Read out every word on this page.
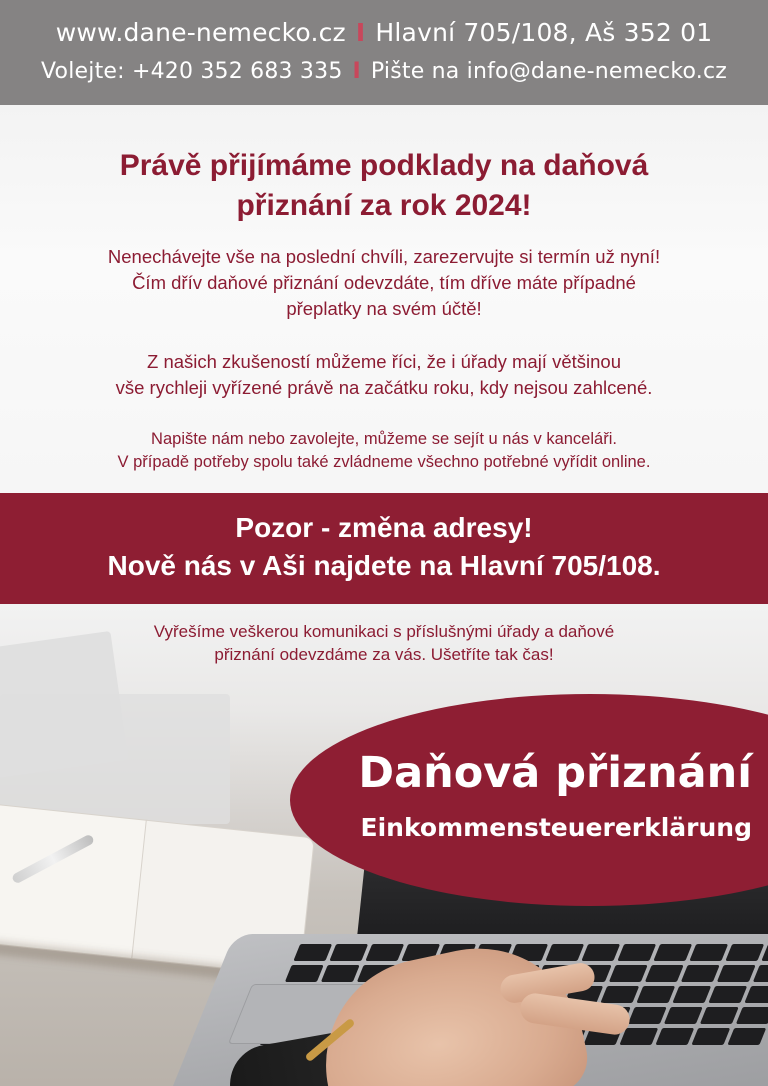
www.dane-nemecko.cz I Hlavní 705/108, Aš 352 01
Volejte: +420 352 683 335 I Pište na info@dane-nemecko.cz
Právě přijímáme podklady na daňová
přiznání za rok 2024!
Nenechávejte vše na poslední chvíli, zarezervujte si termín už nyní!
Čím dřív daňové přiznání odevzdáte, tím dříve máte případné
přeplatky na svém účtě!
Z našich zkušeností můžeme říci, že i úřady mají většinou
vše rychleji vyřízené právě na začátku roku, kdy nejsou zahlcené.
Napište nám nebo zavolejte, můžeme se sejít u nás v kanceláři.
V případě potřeby spolu také zvládneme všechno potřebné vyřídit online.
Pozor - změna adresy!
Nově nás v Aši najdete na Hlavní 705/108.
Vyřešíme veškerou komunikaci s příslušnými úřady a daňové
přiznání odevzdáme za vás. Ušetříte tak čas!
Daňová přiznání
Einkommensteuererklärung
